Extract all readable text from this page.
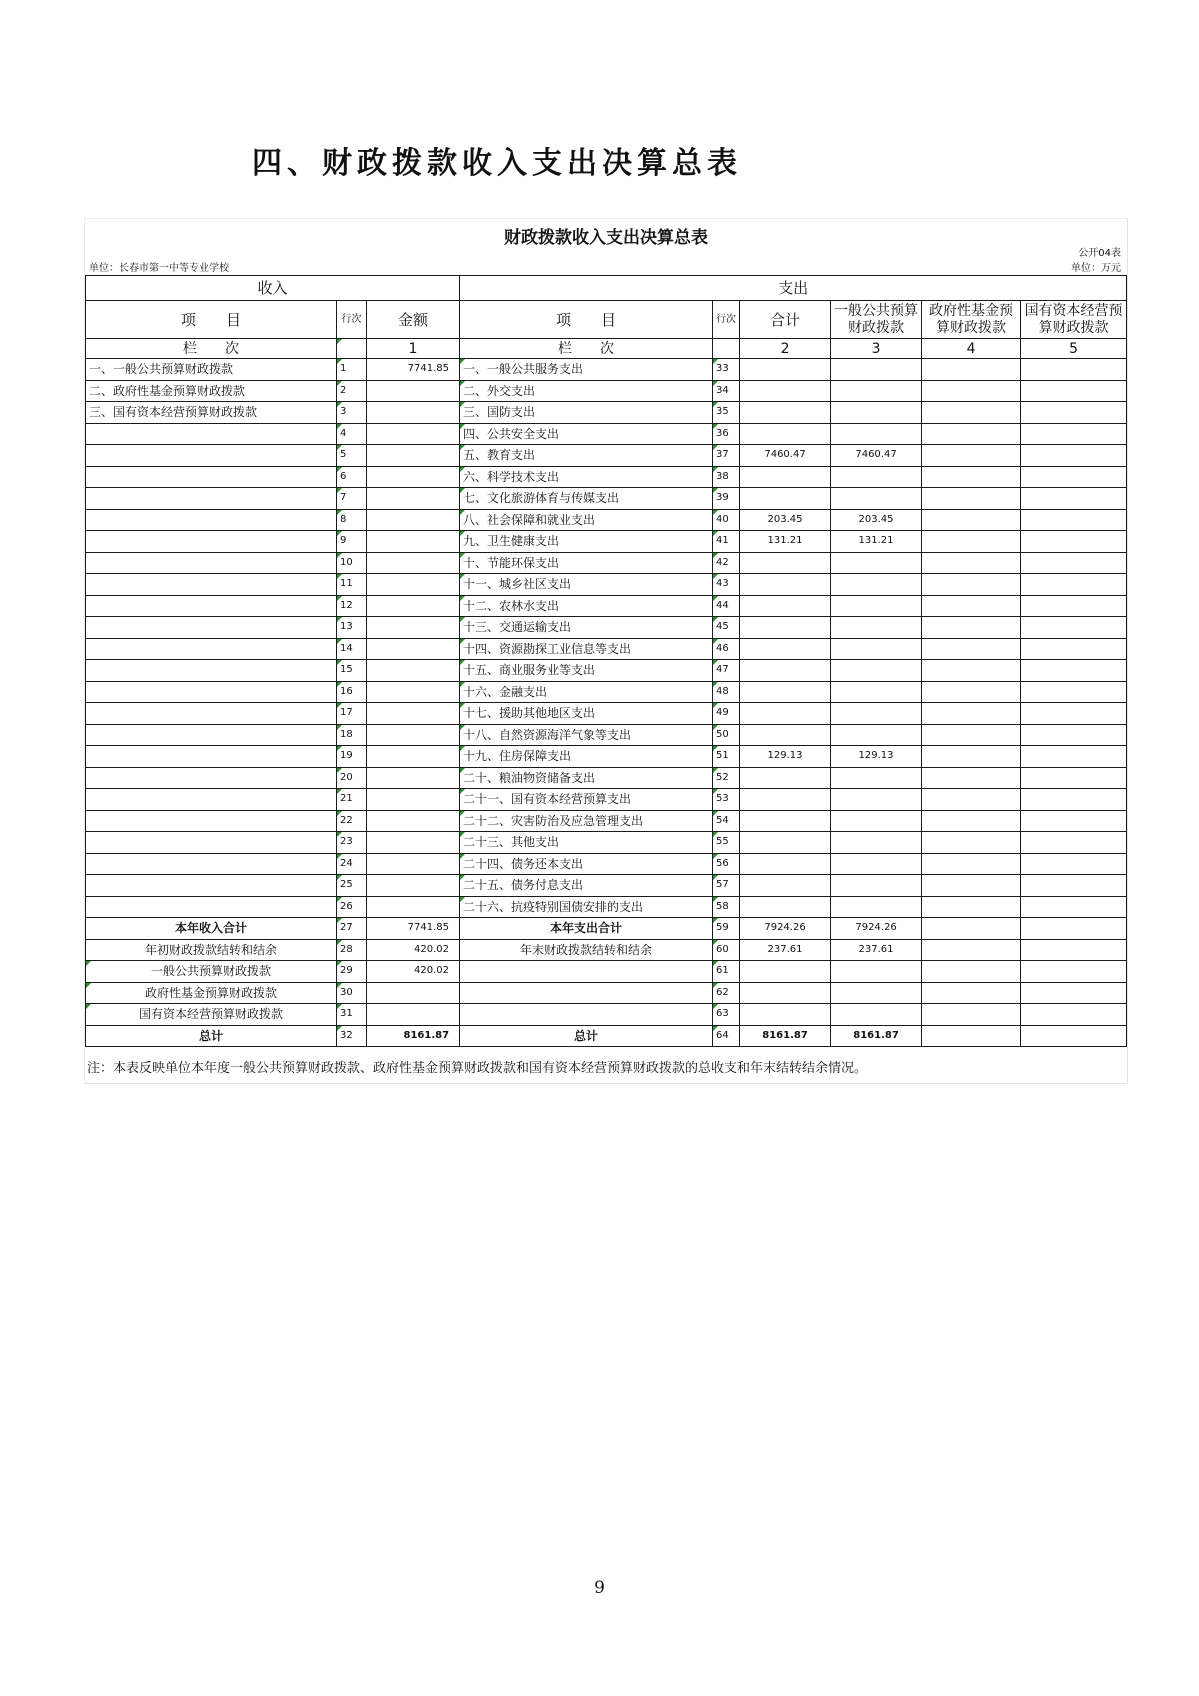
四、财政拨款收入支出决算总表
财政拨款收入支出决算总表
公开04表
单位：长春市第一中等专业学校	单位：万元
收入			支出					
项　　目	行次	金额	项　　目	行次	合计	一般公共预算财政拨款	政府性基金预算财政拨款	国有资本经营预算财政拨款
栏　　次		1	栏　　次		2	3	4	5
一、一般公共预算财政拨款	1	7741.85	一、一般公共服务支出	33				
二、政府性基金预算财政拨款	2		二、外交支出	34				
三、国有资本经营预算财政拨款	3		三、国防支出	35				
	4		四、公共安全支出	36				
	5		五、教育支出	37	7460.47	7460.47		
	6		六、科学技术支出	38				
	7		七、文化旅游体育与传媒支出	39				
	8		八、社会保障和就业支出	40	203.45	203.45		
	9		九、卫生健康支出	41	131.21	131.21		
	10		十、节能环保支出	42				
	11		十一、城乡社区支出	43				
	12		十二、农林水支出	44				
	13		十三、交通运输支出	45				
	14		十四、资源勘探工业信息等支出	46				
	15		十五、商业服务业等支出	47				
	16		十六、金融支出	48				
	17		十七、援助其他地区支出	49				
	18		十八、自然资源海洋气象等支出	50				
	19		十九、住房保障支出	51	129.13	129.13		
	20		二十、粮油物资储备支出	52				
	21		二十一、国有资本经营预算支出	53				
	22		二十二、灾害防治及应急管理支出	54				
	23		二十三、其他支出	55				
	24		二十四、债务还本支出	56				
	25		二十五、债务付息支出	57				
	26		二十六、抗疫特别国债安排的支出	58				
本年收入合计	27	7741.85	本年支出合计	59	7924.26	7924.26		
年初财政拨款结转和结余	28	420.02	年末财政拨款结转和结余	60	237.61	237.61		
一般公共预算财政拨款	29	420.02		61				
政府性基金预算财政拨款	30			62				
国有资本经营预算财政拨款	31			63				
总计	32	8161.87	总计	64	8161.87	8161.87		
注：本表反映单位本年度一般公共预算财政拨款、政府性基金预算财政拨款和国有资本经营预算财政拨款的总收支和年末结转结余情况。
9
